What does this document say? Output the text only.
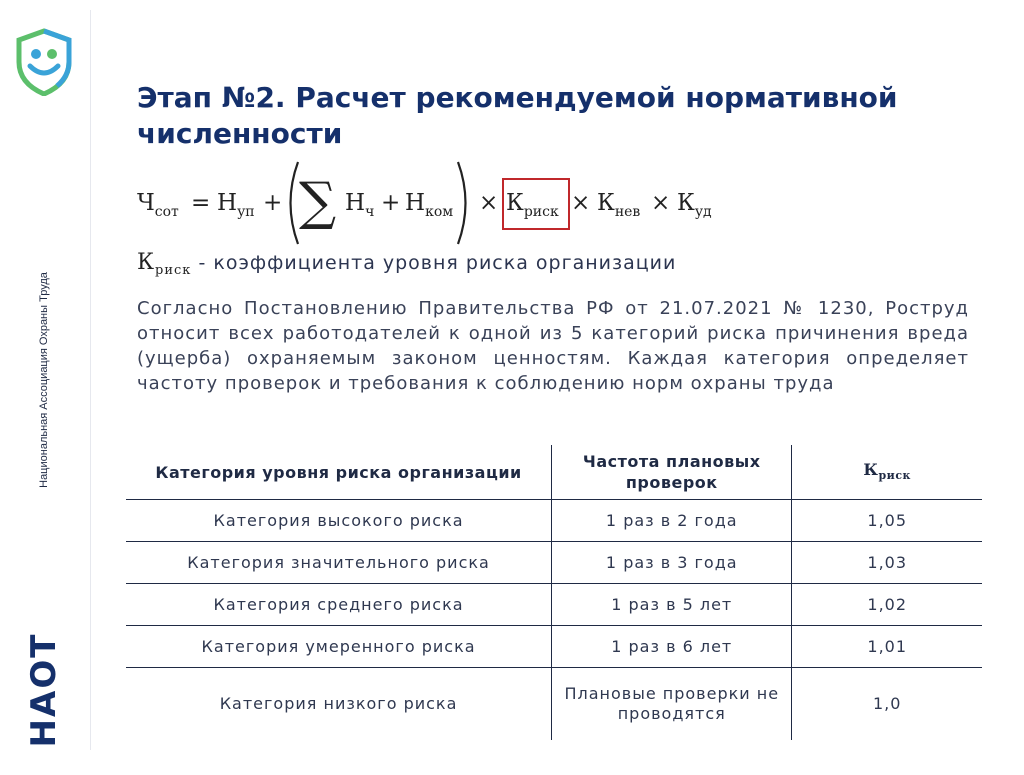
Национальная Ассоциация Охраны Труда
НАОТ
Этап №2. Расчет рекомендуемой нормативной численности
$Ч_{сот} = Н_{уп}$ + ∑ $Н_ч + Н_{ком} \times К_{риск} \times К_{нев} \times К_{уд}$
$К_{риск}$ - коэффициента уровня риска организации

Согласно Постановлению Правительства РФ от 21.07.2021 № 1230, Роструд относит всех работодателей к одной из 5 категорий риска причинения вреда (ущерба) охраняемым законом ценностям. Каждая категория определяет частоту проверок и требования к соблюдению норм охраны труда

Категория уровня риска организации	Частота плановых проверок	$К_{риск}$
Категория высокого риска	1 раз в 2 года	1,05
Категория значительного риска	1 раз в 3 года	1,03
Категория среднего риска	1 раз в 5 лет	1,02
Категория умеренного риска	1 раз в 6 лет	1,01
Категория низкого риска	Плановые проверки не проводятся	1,0
